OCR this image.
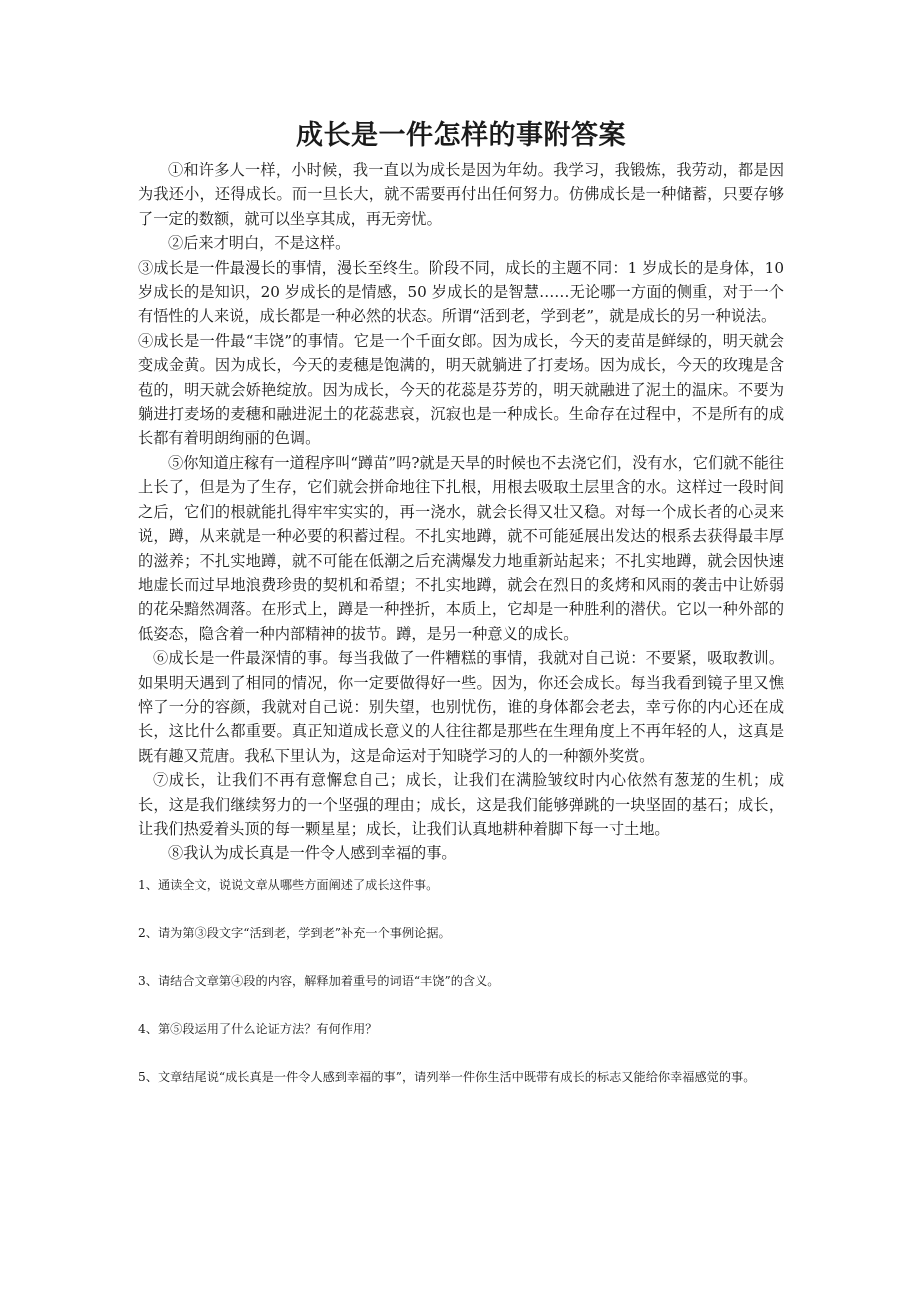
成长是一件怎样的事附答案

①和许多人一样，小时候，我一直以为成长是因为年幼。我学习，我锻炼，我劳动，都是因为我还小，还得成长。而一旦长大，就不需要再付出任何努力。仿佛成长是一种储蓄，只要存够了一定的数额，就可以坐享其成，再无旁忧。

②后来才明白，不是这样。

③成长是一件最漫长的事情，漫长至终生。阶段不同，成长的主题不同：1 岁成长的是身体，10 岁成长的是知识，20 岁成长的是情感，50 岁成长的是智慧……无论哪一方面的侧重，对于一个有悟性的人来说，成长都是一种必然的状态。所谓“活到老，学到老”，就是成长的另一种说法。

④成长是一件最“丰饶”的事情。它是一个千面女郎。因为成长，今天的麦苗是鲜绿的，明天就会变成金黄。因为成长，今天的麦穗是饱满的，明天就躺进了打麦场。因为成长，今天的玫瑰是含苞的，明天就会娇艳绽放。因为成长，今天的花蕊是芬芳的，明天就融进了泥土的温床。不要为躺进打麦场的麦穗和融进泥土的花蕊悲哀，沉寂也是一种成长。生命存在过程中，不是所有的成长都有着明朗绚丽的色调。

⑤你知道庄稼有一道程序叫“蹲苗”吗?就是天旱的时候也不去浇它们，没有水，它们就不能往上长了，但是为了生存，它们就会拼命地往下扎根，用根去吸取土层里含的水。这样过一段时间之后，它们的根就能扎得牢牢实实的，再一浇水，就会长得又壮又稳。对每一个成长者的心灵来说，蹲，从来就是一种必要的积蓄过程。不扎实地蹲，就不可能延展出发达的根系去获得最丰厚的滋养；不扎实地蹲，就不可能在低潮之后充满爆发力地重新站起来；不扎实地蹲，就会因快速地虚长而过早地浪费珍贵的契机和希望；不扎实地蹲，就会在烈日的炙烤和风雨的袭击中让娇弱的花朵黯然凋落。在形式上，蹲是一种挫折，本质上，它却是一种胜利的潜伏。它以一种外部的低姿态，隐含着一种内部精神的拔节。蹲，是另一种意义的成长。

⑥成长是一件最深情的事。每当我做了一件糟糕的事情，我就对自己说：不要紧，吸取教训。如果明天遇到了相同的情况，你一定要做得好一些。因为，你还会成长。每当我看到镜子里又憔悴了一分的容颜，我就对自己说：别失望，也别忧伤，谁的身体都会老去，幸亏你的内心还在成长，这比什么都重要。真正知道成长意义的人往往都是那些在生理角度上不再年轻的人，这真是既有趣又荒唐。我私下里认为，这是命运对于知晓学习的人的一种额外奖赏。

⑦成长，让我们不再有意懈怠自己；成长，让我们在满脸皱纹时内心依然有葱茏的生机；成长，这是我们继续努力的一个坚强的理由；成长，这是我们能够弹跳的一块坚固的基石；成长，让我们热爱着头顶的每一颗星星；成长，让我们认真地耕种着脚下每一寸土地。

⑧我认为成长真是一件令人感到幸福的事。

1、通读全文，说说文章从哪些方面阐述了成长这件事。

2、请为第③段文字“活到老，学到老”补充一个事例论据。

3、请结合文章第④段的内容，解释加着重号的词语“丰饶”的含义。

4、第⑤段运用了什么论证方法？有何作用？

5、文章结尾说“成长真是一件令人感到幸福的事”，请列举一件你生活中既带有成长的标志又能给你幸福感觉的事。
